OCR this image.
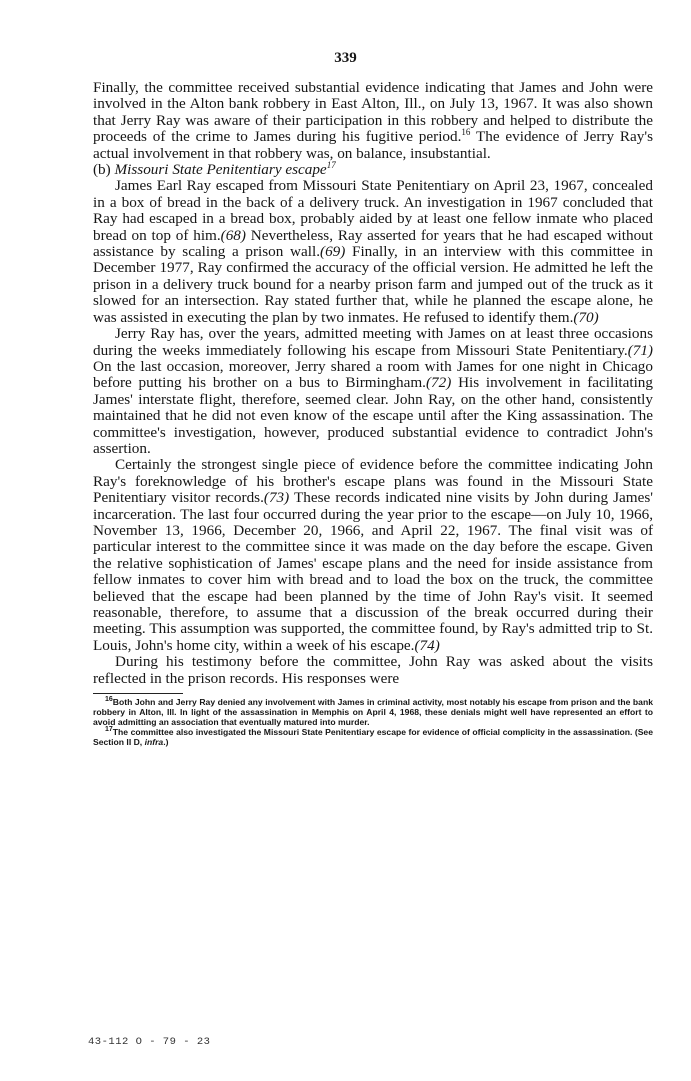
339

Finally, the committee received substantial evidence indicating that James and John were involved in the Alton bank robbery in East Alton, Ill., on July 13, 1967. It was also shown that Jerry Ray was aware of their participation in this robbery and helped to distribute the proceeds of the crime to James during his fugitive period.$^{16}$ The evidence of Jerry Ray's actual involvement in that robbery was, on balance, insubstantial.

(b) Missouri State Penitentiary escape$^{17}$

James Earl Ray escaped from Missouri State Penitentiary on April 23, 1967, concealed in a box of bread in the back of a delivery truck. An investigation in 1967 concluded that Ray had escaped in a bread box, probably aided by at least one fellow inmate who placed bread on top of him.(68) Nevertheless, Ray asserted for years that he had escaped without assistance by scaling a prison wall.(69) Finally, in an interview with this committee in December 1977, Ray confirmed the accuracy of the official version. He admitted he left the prison in a delivery truck bound for a nearby prison farm and jumped out of the truck as it slowed for an intersection. Ray stated further that, while he planned the escape alone, he was assisted in executing the plan by two inmates. He refused to identify them.(70)

Jerry Ray has, over the years, admitted meeting with James on at least three occasions during the weeks immediately following his escape from Missouri State Penitentiary.(71) On the last occasion, moreover, Jerry shared a room with James for one night in Chicago before putting his brother on a bus to Birmingham.(72) His involvement in facilitating James' interstate flight, therefore, seemed clear. John Ray, on the other hand, consistently maintained that he did not even know of the escape until after the King assassination. The committee's investigation, however, produced substantial evidence to contradict John's assertion.

Certainly the strongest single piece of evidence before the committee indicating John Ray's foreknowledge of his brother's escape plans was found in the Missouri State Penitentiary visitor records.(73) These records indicated nine visits by John during James' incarceration. The last four occurred during the year prior to the escape—on July 10, 1966, November 13, 1966, December 20, 1966, and April 22, 1967. The final visit was of particular interest to the committee since it was made on the day before the escape. Given the relative sophistication of James' escape plans and the need for inside assistance from fellow inmates to cover him with bread and to load the box on the truck, the committee believed that the escape had been planned by the time of John Ray's visit. It seemed reasonable, therefore, to assume that a discussion of the break occurred during their meeting. This assumption was supported, the committee found, by Ray's admitted trip to St. Louis, John's home city, within a week of his escape.(74)

During his testimony before the committee, John Ray was asked about the visits reflected in the prison records. His responses were

$^{16}$Both John and Jerry Ray denied any involvement with James in criminal activity, most notably his escape from prison and the bank robbery in Alton, Ill. In light of the assassination in Memphis on April 4, 1968, these denials might well have represented an effort to avoid admitting an association that eventually matured into murder.

$^{17}$The committee also investigated the Missouri State Penitentiary escape for evidence of official complicity in the assassination. (See Section II D, infra.)

43-112 O - 79 - 23
